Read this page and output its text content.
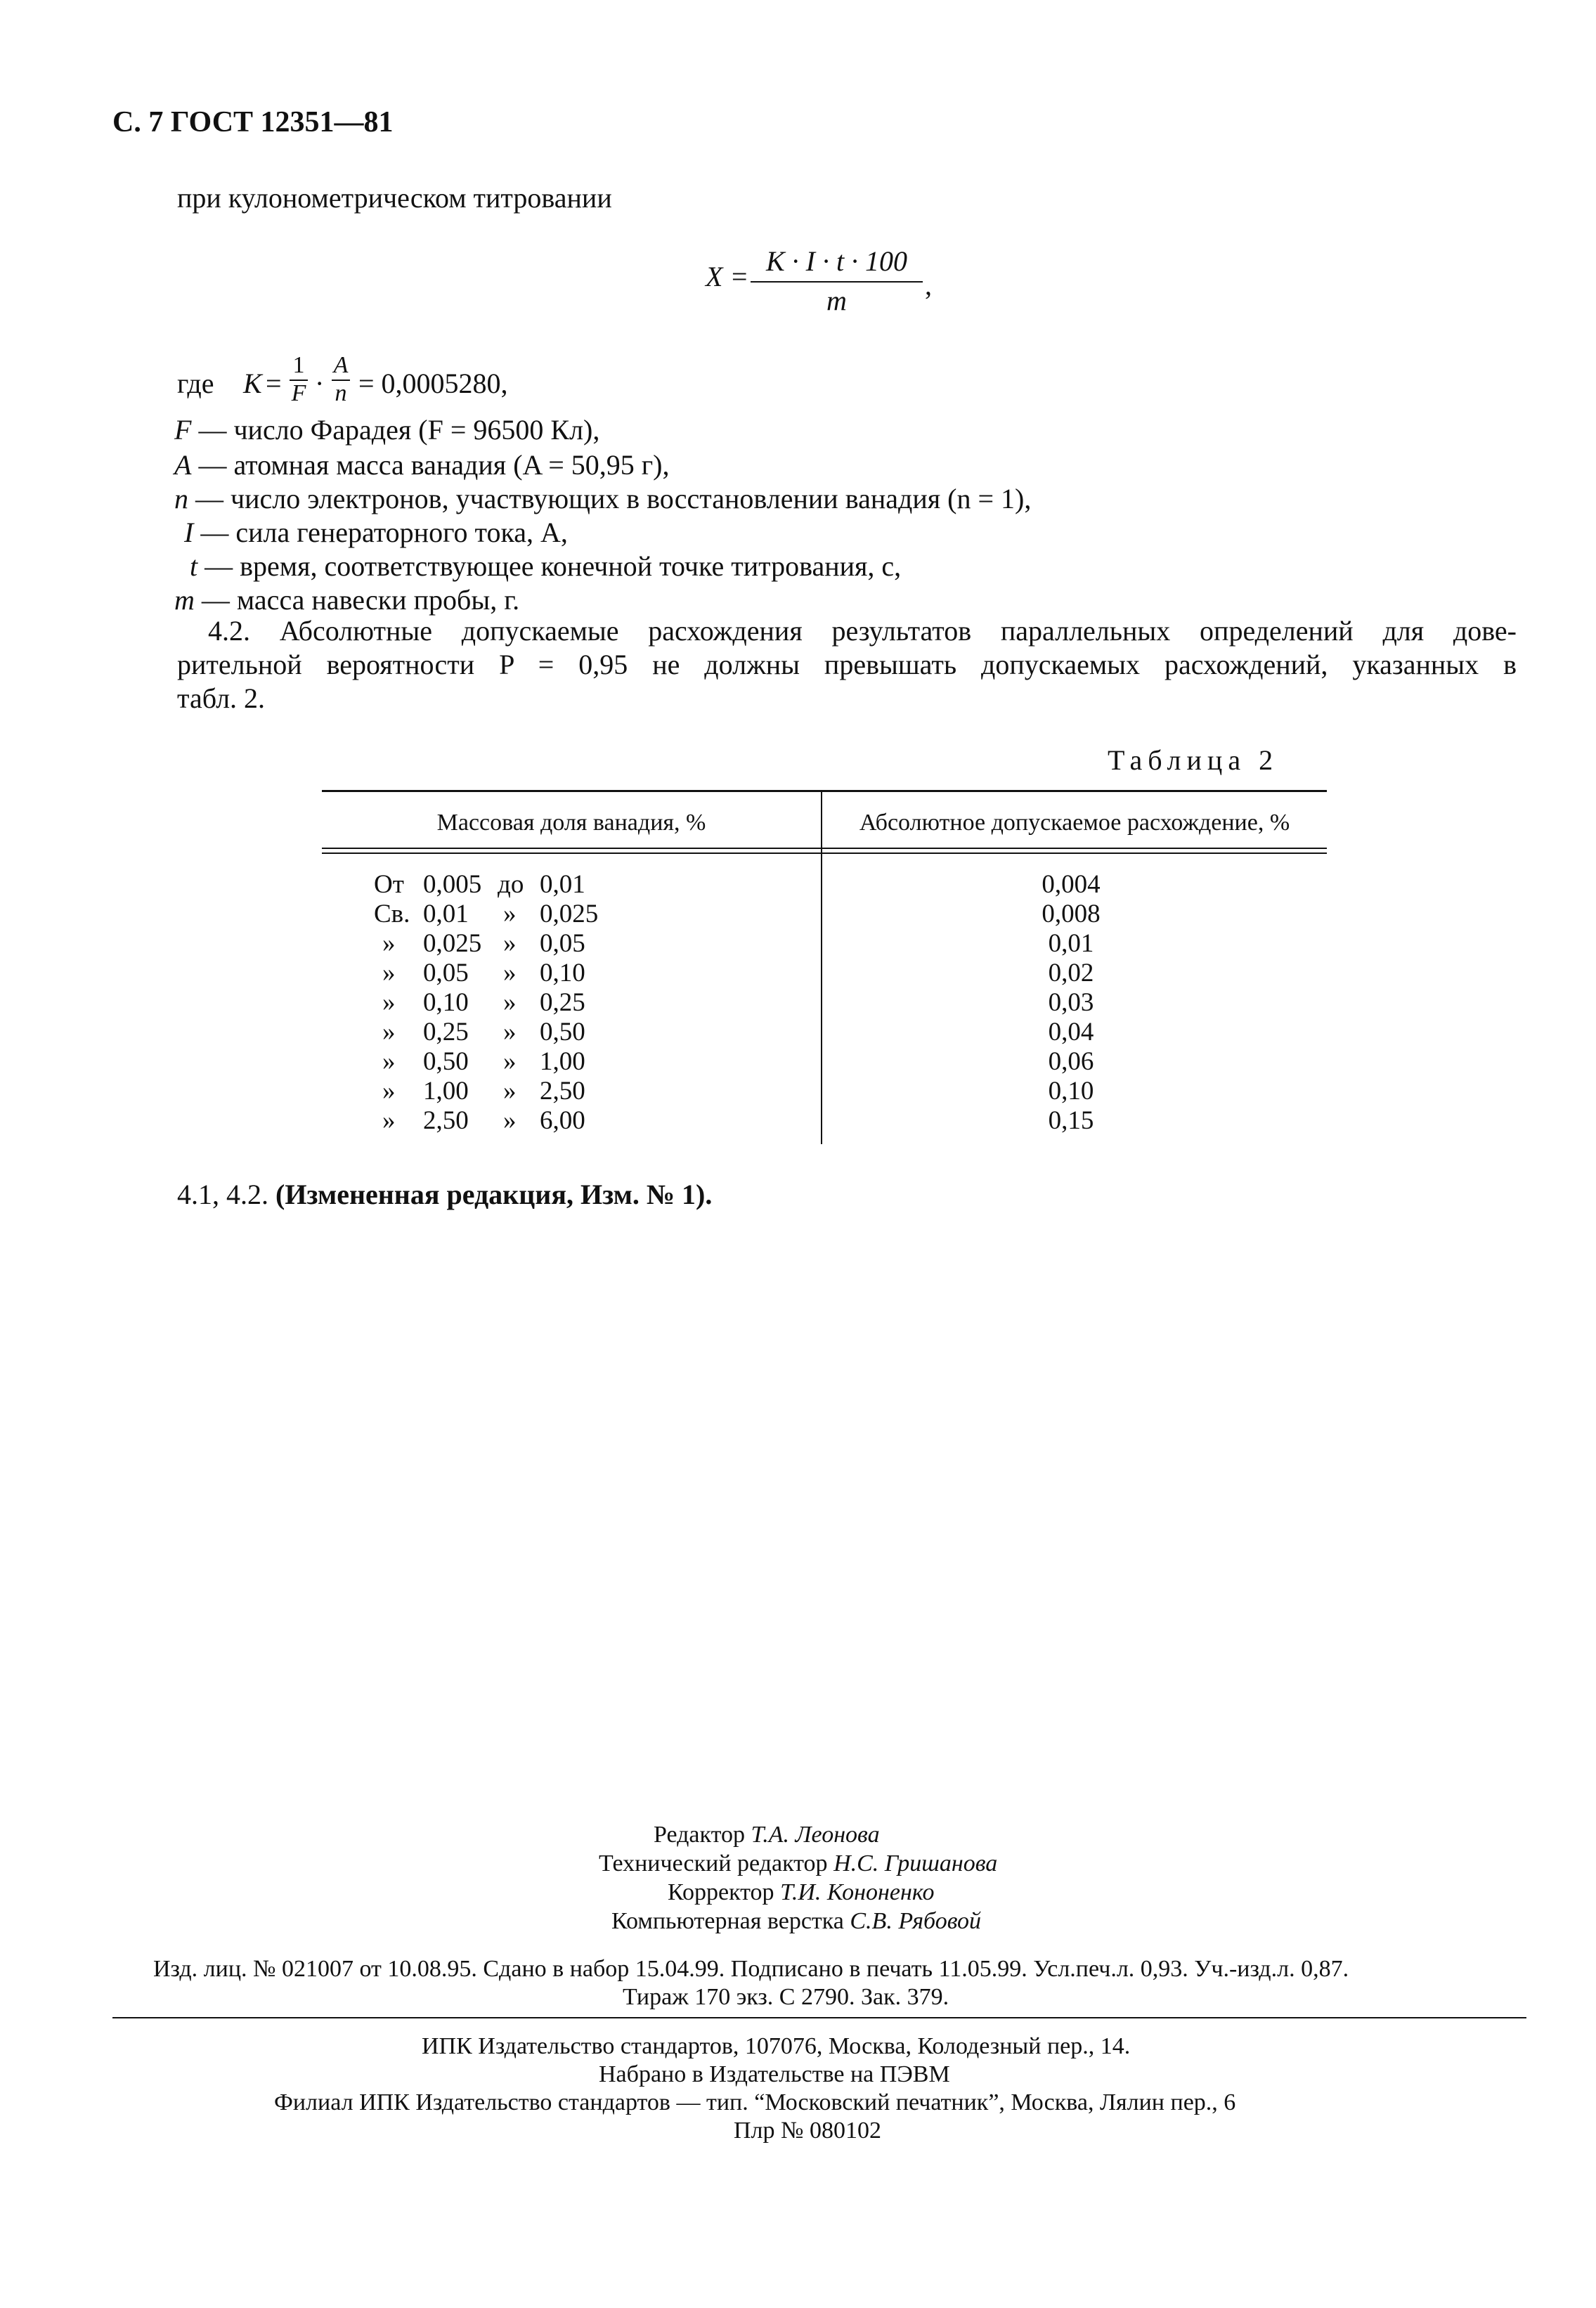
С. 7 ГОСТ 12351—81
при кулонометрическом титровании
X = K · I · t · 100
m	,
где K =
1
F ·
A
n = 0,0005280,
F — число Фарадея (F = 96500 Кл),
A — атомная масса ванадия (A = 50,95 г),
n — число электронов, участвующих в восстановлении ванадия (n = 1),
I — сила генераторного тока, А,
t — время, соответствующее конечной точке титрования, с,
m — масса навески пробы, г.
4.2. Абсолютные допускаемые расхождения результатов параллельных определений для дове-
рительной вероятности P = 0,95 не должны превышать допускаемых расхождений, указанных в
табл. 2.
Таблица 2
Массовая доля ванадия, %	Абсолютное допускаемое расхождение, %
От 0,005 до 0,01	0,004
Св. 0,01 » 0,025	0,008
» 0,025 » 0,05	0,01
» 0,05 » 0,10	0,02
» 0,10 » 0,25	0,03
» 0,25 » 0,50	0,04
» 0,50 » 1,00	0,06
» 1,00 » 2,50	0,10
» 2,50 » 6,00	0,15
4.1, 4.2. (Измененная редакция, Изм. № 1).
Редактор Т.А. Леонова
Технический редактор Н.С. Гришанова
Корректор Т.И. Кононенко
Компьютерная верстка С.В. Рябовой
Изд. лиц. № 021007 от 10.08.95. Сдано в набор 15.04.99. Подписано в печать 11.05.99. Усл.печ.л. 0,93. Уч.-изд.л. 0,87.
Тираж 170 экз. С 2790. Зак. 379.
ИПК Издательство стандартов, 107076, Москва, Колодезный пер., 14.
Набрано в Издательстве на ПЭВМ
Филиал ИПК Издательство стандартов — тип. “Московский печатник”, Москва, Лялин пер., 6
Плр № 080102
